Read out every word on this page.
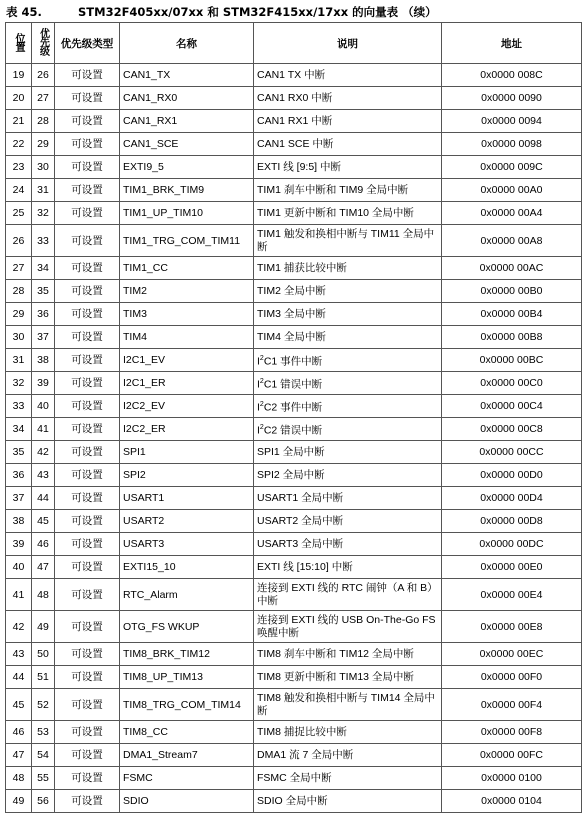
表 45.	STM32F405xx/07xx 和 STM32F415xx/17xx 的向量表 （续）
位置	优先级	优先级类型	名称	说明	地址
19	26	可设置	CAN1_TX	CAN1 TX 中断	0x0000 008C
20	27	可设置	CAN1_RX0	CAN1 RX0 中断	0x0000 0090
21	28	可设置	CAN1_RX1	CAN1 RX1 中断	0x0000 0094
22	29	可设置	CAN1_SCE	CAN1 SCE 中断	0x0000 0098
23	30	可设置	EXTI9_5	EXTI 线 [9:5] 中断	0x0000 009C
24	31	可设置	TIM1_BRK_TIM9	TIM1 刹车中断和 TIM9 全局中断	0x0000 00A0
25	32	可设置	TIM1_UP_TIM10	TIM1 更新中断和 TIM10 全局中断	0x0000 00A4
26	33	可设置	TIM1_TRG_COM_TIM11	TIM1 触发和换相中断与 TIM11 全局中断	0x0000 00A8
27	34	可设置	TIM1_CC	TIM1 捕获比较中断	0x0000 00AC
28	35	可设置	TIM2	TIM2 全局中断	0x0000 00B0
29	36	可设置	TIM3	TIM3 全局中断	0x0000 00B4
30	37	可设置	TIM4	TIM4 全局中断	0x0000 00B8
31	38	可设置	I2C1_EV	$I^2C1$ 事件中断	0x0000 00BC
32	39	可设置	I2C1_ER	$I^2C1$ 错误中断	0x0000 00C0
33	40	可设置	I2C2_EV	$I^2C2$ 事件中断	0x0000 00C4
34	41	可设置	I2C2_ER	$I^2C2$ 错误中断	0x0000 00C8
35	42	可设置	SPI1	SPI1 全局中断	0x0000 00CC
36	43	可设置	SPI2	SPI2 全局中断	0x0000 00D0
37	44	可设置	USART1	USART1 全局中断	0x0000 00D4
38	45	可设置	USART2	USART2 全局中断	0x0000 00D8
39	46	可设置	USART3	USART3 全局中断	0x0000 00DC
40	47	可设置	EXTI15_10	EXTI 线 [15:10] 中断	0x0000 00E0
41	48	可设置	RTC_Alarm	连接到 EXTI 线的 RTC 闹钟（A 和 B）中断	0x0000 00E4
42	49	可设置	OTG_FS WKUP	连接到 EXTI 线的 USB On-The-Go FS 唤醒中断	0x0000 00E8
43	50	可设置	TIM8_BRK_TIM12	TIM8 刹车中断和 TIM12 全局中断	0x0000 00EC
44	51	可设置	TIM8_UP_TIM13	TIM8 更新中断和 TIM13 全局中断	0x0000 00F0
45	52	可设置	TIM8_TRG_COM_TIM14	TIM8 触发和换相中断与 TIM14 全局中断	0x0000 00F4
46	53	可设置	TIM8_CC	TIM8 捕捉比较中断	0x0000 00F8
47	54	可设置	DMA1_Stream7	DMA1 流 7 全局中断	0x0000 00FC
48	55	可设置	FSMC	FSMC 全局中断	0x0000 0100
49	56	可设置	SDIO	SDIO 全局中断	0x0000 0104
